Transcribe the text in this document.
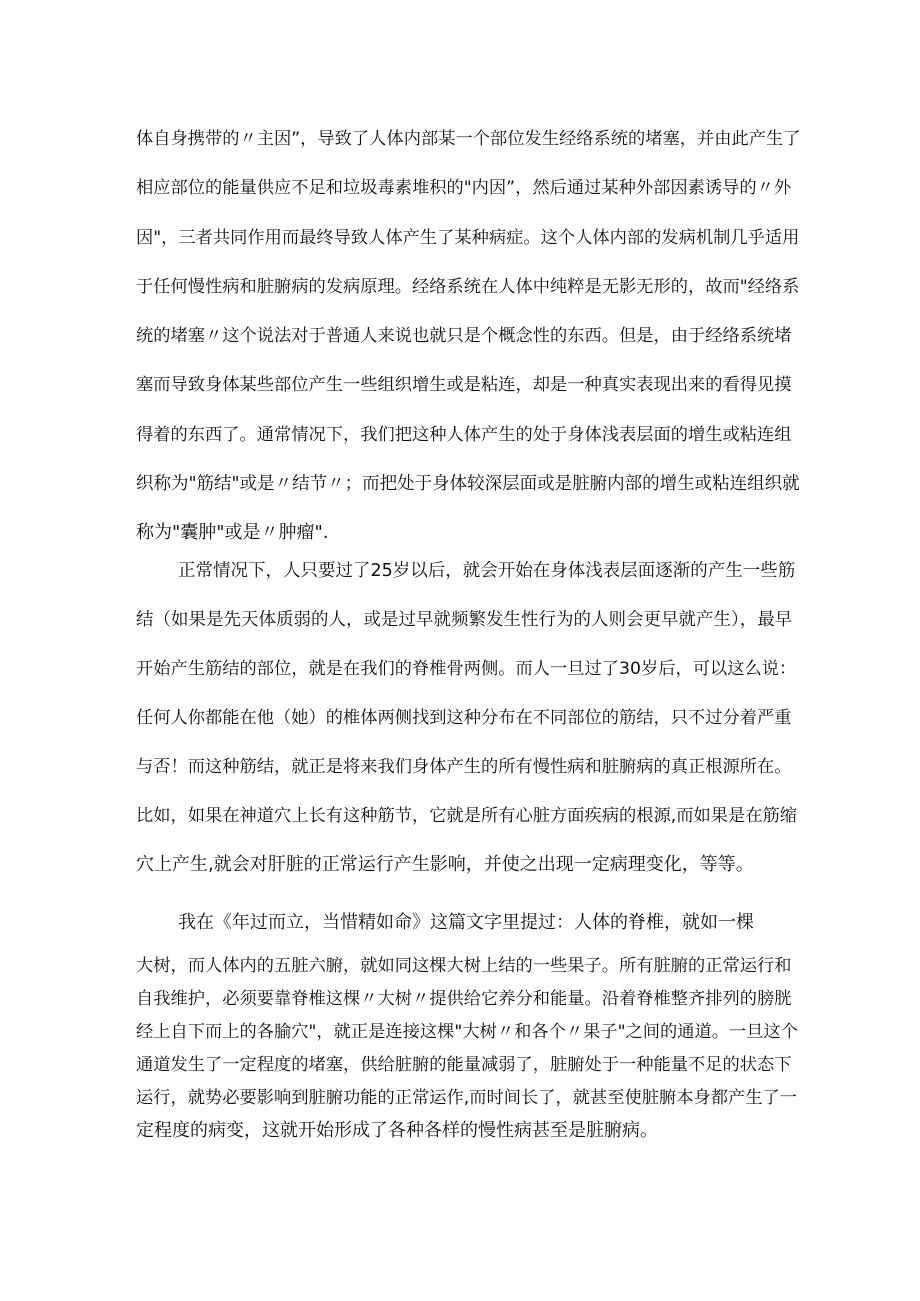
体自身携带的〃主因”，导致了人体内部某一个部位发生经络系统的堵塞，并由此产生了
相应部位的能量供应不足和垃圾毒素堆积的"内因”，然后通过某种外部因素诱导的〃外
因"，三者共同作用而最终导致人体产生了某种病症。这个人体内部的发病机制几乎适用
于任何慢性病和脏腑病的发病原理。经络系统在人体中纯粹是无影无形的，故而"经络系
统的堵塞〃这个说法对于普通人来说也就只是个概念性的东西。但是，由于经络系统堵
塞而导致身体某些部位产生一些组织增生或是粘连，却是一种真实表现出来的看得见摸
得着的东西了。通常情况下，我们把这种人体产生的处于身体浅表层面的增生或粘连组
织称为"筋结"或是〃结节〃；而把处于身体较深层面或是脏腑内部的增生或粘连组织就
称为"囊肿"或是〃肿瘤".
正常情况下，人只要过了25岁以后，就会开始在身体浅表层面逐渐的产生一些筋
结（如果是先天体质弱的人，或是过早就频繁发生性行为的人则会更早就产生），最早
开始产生筋结的部位，就是在我们的脊椎骨两侧。而人一旦过了30岁后，可以这么说：
任何人你都能在他（她）的椎体两侧找到这种分布在不同部位的筋结，只不过分着严重
与否！而这种筋结，就正是将来我们身体产生的所有慢性病和脏腑病的真正根源所在。
比如，如果在神道穴上长有这种筋节，它就是所有心脏方面疾病的根源,而如果是在筋缩
穴上产生,就会对肝脏的正常运行产生影响，并使之出现一定病理变化，等等。
我在《年过而立，当惜精如命》这篇文字里提过：人体的脊椎，就如一棵
大树，而人体内的五脏六腑，就如同这棵大树上结的一些果子。所有脏腑的正常运行和
自我维护，必须要靠脊椎这棵〃大树〃提供给它养分和能量。沿着脊椎整齐排列的膀胱
经上自下而上的各腧穴"，就正是连接这棵"大树〃和各个〃果子"之间的通道。一旦这个
通道发生了一定程度的堵塞，供给脏腑的能量减弱了，脏腑处于一种能量不足的状态下
运行，就势必要影响到脏腑功能的正常运作,而时间长了，就甚至使脏腑本身都产生了一
定程度的病变，这就开始形成了各种各样的慢性病甚至是脏腑病。
